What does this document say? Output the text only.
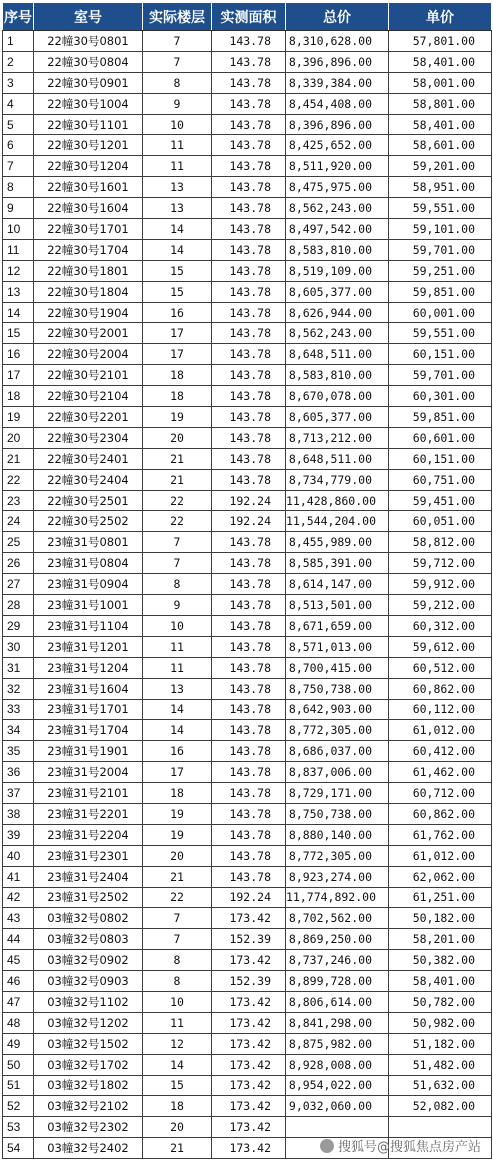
序号	室号	实际楼层	实测面积	总价	单价
1	22幢30号0801	7	143.78	8,310,628.00	57,801.00
2	22幢30号0804	7	143.78	8,396,896.00	58,401.00
3	22幢30号0901	8	143.78	8,339,384.00	58,001.00
4	22幢30号1004	9	143.78	8,454,408.00	58,801.00
5	22幢30号1101	10	143.78	8,396,896.00	58,401.00
6	22幢30号1201	11	143.78	8,425,652.00	58,601.00
7	22幢30号1204	11	143.78	8,511,920.00	59,201.00
8	22幢30号1601	13	143.78	8,475,975.00	58,951.00
9	22幢30号1604	13	143.78	8,562,243.00	59,551.00
10	22幢30号1701	14	143.78	8,497,542.00	59,101.00
11	22幢30号1704	14	143.78	8,583,810.00	59,701.00
12	22幢30号1801	15	143.78	8,519,109.00	59,251.00
13	22幢30号1804	15	143.78	8,605,377.00	59,851.00
14	22幢30号1904	16	143.78	8,626,944.00	60,001.00
15	22幢30号2001	17	143.78	8,562,243.00	59,551.00
16	22幢30号2004	17	143.78	8,648,511.00	60,151.00
17	22幢30号2101	18	143.78	8,583,810.00	59,701.00
18	22幢30号2104	18	143.78	8,670,078.00	60,301.00
19	22幢30号2201	19	143.78	8,605,377.00	59,851.00
20	22幢30号2304	20	143.78	8,713,212.00	60,601.00
21	22幢30号2401	21	143.78	8,648,511.00	60,151.00
22	22幢30号2404	21	143.78	8,734,779.00	60,751.00
23	22幢30号2501	22	192.24	11,428,860.00	59,451.00
24	22幢30号2502	22	192.24	11,544,204.00	60,051.00
25	23幢31号0801	7	143.78	8,455,989.00	58,812.00
26	23幢31号0804	7	143.78	8,585,391.00	59,712.00
27	23幢31号0904	8	143.78	8,614,147.00	59,912.00
28	23幢31号1001	9	143.78	8,513,501.00	59,212.00
29	23幢31号1104	10	143.78	8,671,659.00	60,312.00
30	23幢31号1201	11	143.78	8,571,013.00	59,612.00
31	23幢31号1204	11	143.78	8,700,415.00	60,512.00
32	23幢31号1604	13	143.78	8,750,738.00	60,862.00
33	23幢31号1701	14	143.78	8,642,903.00	60,112.00
34	23幢31号1704	14	143.78	8,772,305.00	61,012.00
35	23幢31号1901	16	143.78	8,686,037.00	60,412.00
36	23幢31号2004	17	143.78	8,837,006.00	61,462.00
37	23幢31号2101	18	143.78	8,729,171.00	60,712.00
38	23幢31号2201	19	143.78	8,750,738.00	60,862.00
39	23幢31号2204	19	143.78	8,880,140.00	61,762.00
40	23幢31号2301	20	143.78	8,772,305.00	61,012.00
41	23幢31号2404	21	143.78	8,923,274.00	62,062.00
42	23幢31号2502	22	192.24	11,774,892.00	61,251.00
43	03幢32号0802	7	173.42	8,702,562.00	50,182.00
44	03幢32号0803	7	152.39	8,869,250.00	58,201.00
45	03幢32号0902	8	173.42	8,737,246.00	50,382.00
46	03幢32号0903	8	152.39	8,899,728.00	58,401.00
47	03幢32号1102	10	173.42	8,806,614.00	50,782.00
48	03幢32号1202	11	173.42	8,841,298.00	50,982.00
49	03幢32号1502	12	173.42	8,875,982.00	51,182.00
50	03幢32号1702	14	173.42	8,928,008.00	51,482.00
51	03幢32号1802	15	173.42	8,954,022.00	51,632.00
52	03幢32号2102	18	173.42	9,032,060.00	52,082.00
53	03幢32号2302	20	173.42		
54	03幢32号2402	21	173.42			搜狐号@搜狐焦点房产站
